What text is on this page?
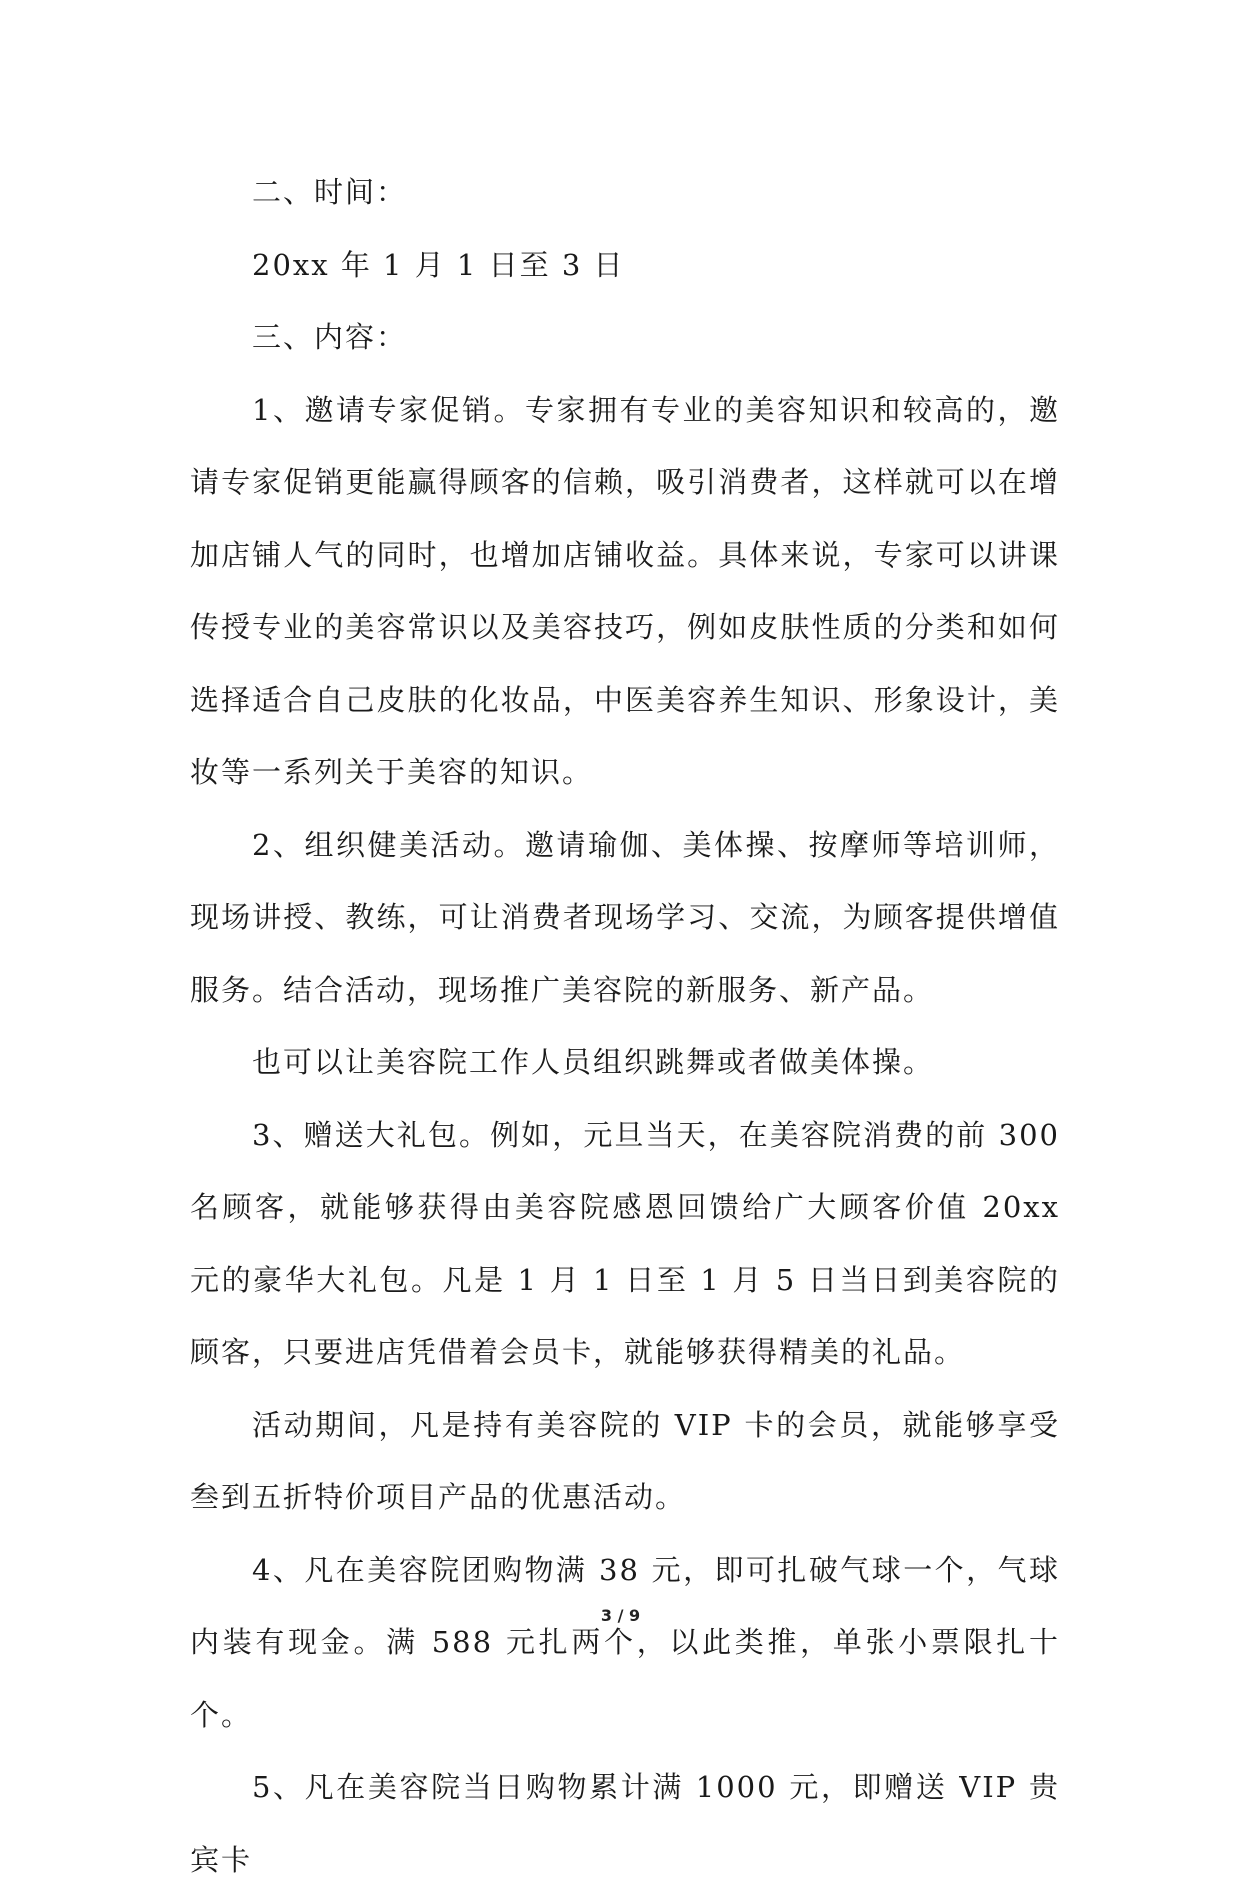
二、时间：

20xx 年 1 月 1 日至 3 日

三、内容：

1、邀请专家促销。专家拥有专业的美容知识和较高的，邀请专家促销更能赢得顾客的信赖，吸引消费者，这样就可以在增加店铺人气的同时，也增加店铺收益。具体来说，专家可以讲课传授专业的美容常识以及美容技巧，例如皮肤性质的分类和如何选择适合自己皮肤的化妆品，中医美容养生知识、形象设计，美妆等一系列关于美容的知识。

2、组织健美活动。邀请瑜伽、美体操、按摩师等培训师，现场讲授、教练，可让消费者现场学习、交流，为顾客提供增值服务。结合活动，现场推广美容院的新服务、新产品。

也可以让美容院工作人员组织跳舞或者做美体操。

3、赠送大礼包。例如，元旦当天，在美容院消费的前 300 名顾客，就能够获得由美容院感恩回馈给广大顾客价值 20xx 元的豪华大礼包。凡是 1 月 1 日至 1 月 5 日当日到美容院的顾客，只要进店凭借着会员卡，就能够获得精美的礼品。

活动期间，凡是持有美容院的 VIP 卡的会员，就能够享受叁到五折特价项目产品的优惠活动。

4、凡在美容院团购物满 38 元，即可扎破气球一个，气球内装有现金。满 588 元扎两个，以此类推，单张小票限扎十个。

5、凡在美容院当日购物累计满 1000 元，即赠送 VIP 贵宾卡

3 / 9
